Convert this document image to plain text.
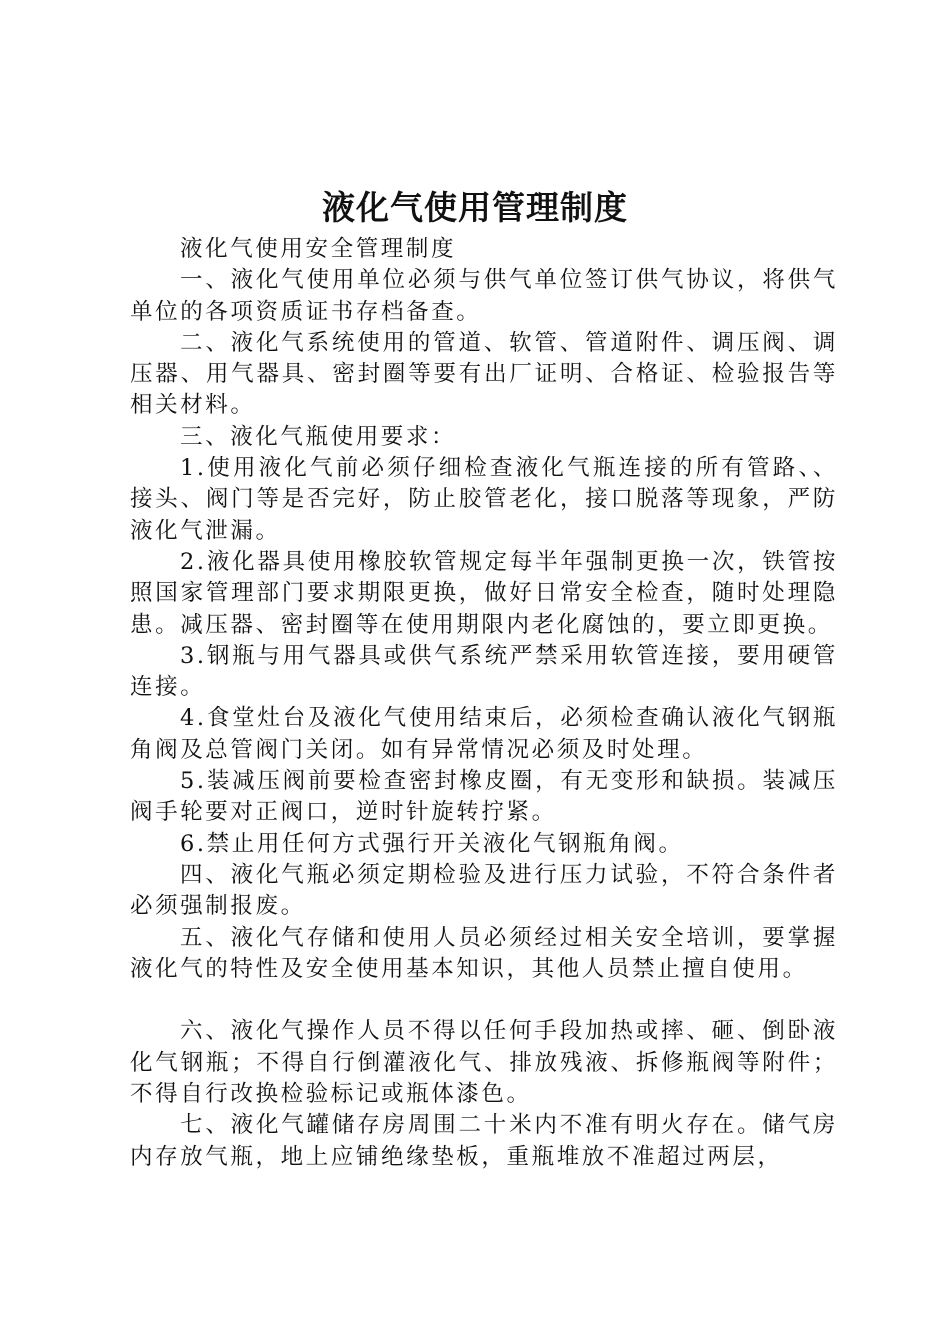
液化气使用管理制度

液化气使用安全管理制度

一、液化气使用单位必须与供气单位签订供气协议，将供气单位的各项资质证书存档备查。

二、液化气系统使用的管道、软管、管道附件、调压阀、调压器、用气器具、密封圈等要有出厂证明、合格证、检验报告等相关材料。

三、液化气瓶使用要求：

1.使用液化气前必须仔细检查液化气瓶连接的所有管路、、接头、阀门等是否完好，防止胶管老化，接口脱落等现象，严防液化气泄漏。

2.液化器具使用橡胶软管规定每半年强制更换一次，铁管按照国家管理部门要求期限更换，做好日常安全检查，随时处理隐患。减压器、密封圈等在使用期限内老化腐蚀的，要立即更换。

3.钢瓶与用气器具或供气系统严禁采用软管连接，要用硬管连接。

4.食堂灶台及液化气使用结束后，必须检查确认液化气钢瓶角阀及总管阀门关闭。如有异常情况必须及时处理。

5.装减压阀前要检查密封橡皮圈，有无变形和缺损。装减压阀手轮要对正阀口，逆时针旋转拧紧。

6.禁止用任何方式强行开关液化气钢瓶角阀。

四、液化气瓶必须定期检验及进行压力试验，不符合条件者必须强制报废。

五、液化气存储和使用人员必须经过相关安全培训，要掌握液化气的特性及安全使用基本知识，其他人员禁止擅自使用。

六、液化气操作人员不得以任何手段加热或摔、砸、倒卧液化气钢瓶；不得自行倒灌液化气、排放残液、拆修瓶阀等附件；不得自行改换检验标记或瓶体漆色。

七、液化气罐储存房周围二十米内不准有明火存在。储气房内存放气瓶，地上应铺绝缘垫板，重瓶堆放不准超过两层，
